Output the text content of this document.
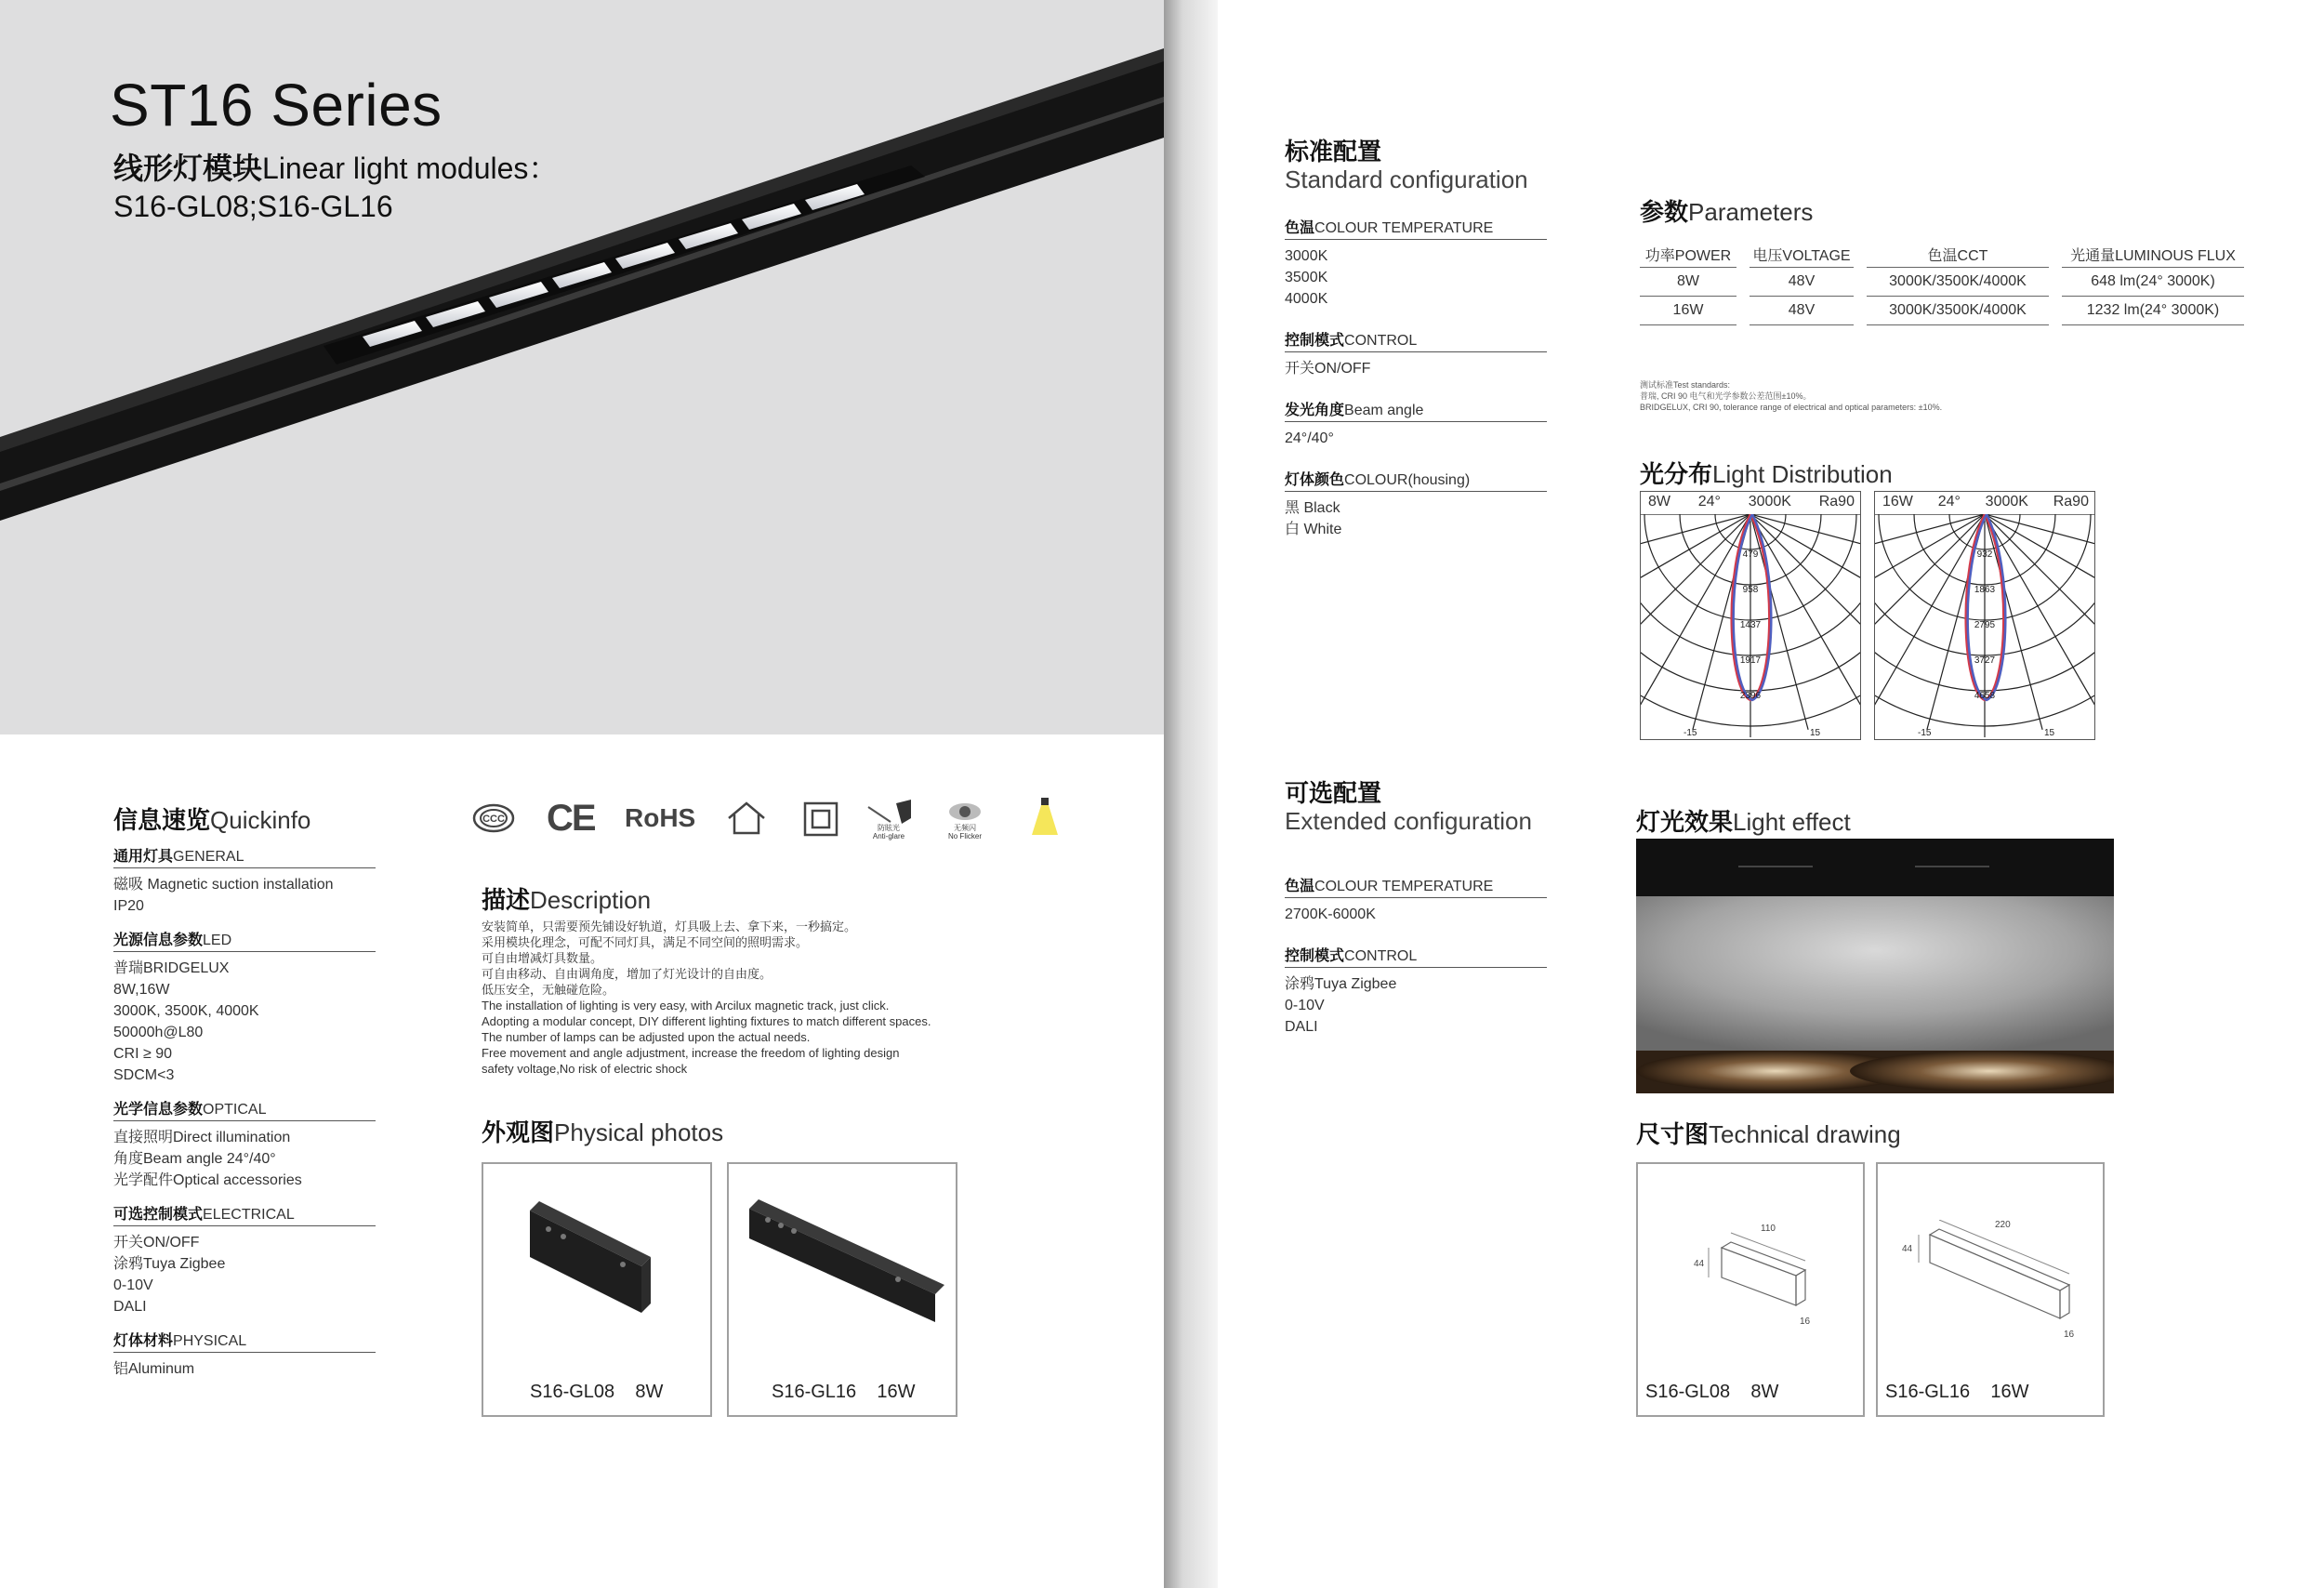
ST16 Series
线形灯模块Linear light modules：
S16-GL08;S16-GL16
信息速览Quickinfo
通用灯具GENERAL
磁吸 Magnetic suction installation
IP20
光源信息参数LED
普瑞BRIDGELUX
8W,16W
3000K, 3500K, 4000K
50000h@L80
CRI ≥ 90
SDCM<3
光学信息参数OPTICAL
直接照明Direct illumination
角度Beam angle 24°/40°
光学配件Optical accessories
可选控制模式ELECTRICAL
开关ON/OFF
涂鸦Tuya Zigbee
0-10V
DALI
灯体材料PHYSICAL
铝Aluminum
CCC CE RoHS	防眩光
Anti-glare
无频闪
No Flicker
描述Description
安装简单，只需要预先铺设好轨道，灯具吸上去、拿下来，一秒搞定。
采用模块化理念，可配不同灯具，满足不同空间的照明需求。
可自由增减灯具数量。
可自由移动、自由调角度，增加了灯光设计的自由度。
低压安全，无触碰危险。
The installation of lighting is very easy, with Arcilux magnetic track, just click.
Adopting a modular concept, DIY different lighting fixtures to match different spaces.
The number of lamps can be adjusted upon the actual needs.
Free movement and angle adjustment, increase the freedom of lighting design
safety voltage,No risk of electric shock
外观图Physical photos
S16-GL08 8W	S16-GL16 16W
标准配置
Standard configuration
色温COLOUR TEMPERATURE
3000K
3500K
4000K
控制模式CONTROL
开关ON/OFF
发光角度Beam angle
24°/40°
灯体颜色COLOUR(housing)
黑 Black
白 White
可选配置
Extended configuration
色温COLOUR TEMPERATURE
2700K-6000K
控制模式CONTROL
涂鸦Tuya Zigbee
0-10V
DALI
参数Parameters
功率POWER	电压VOLTAGE	色温CCT	光通量LUMINOUS FLUX
8W	48V	3000K/3500K/4000K	648 lm(24° 3000K)
16W	48V	3000K/3500K/4000K	1232 lm(24° 3000K)
测试标准Test standards:
普瑞, CRI 90 电气和光学参数公差范围±10%。
BRIDGELUX, CRI 90, tolerance range of electrical and optical parameters: ±10%.
光分布Light Distribution
8W 24° 3000K Ra90
479
958
1437
1917
2396
-15	15
16W 24° 3000K Ra90
932
1863
2795
3727
4658
-15	15
灯光效果Light effect
尺寸图Technical drawing
110
44
16
S16-GL08 8W
220
44
16
S16-GL16 16W
